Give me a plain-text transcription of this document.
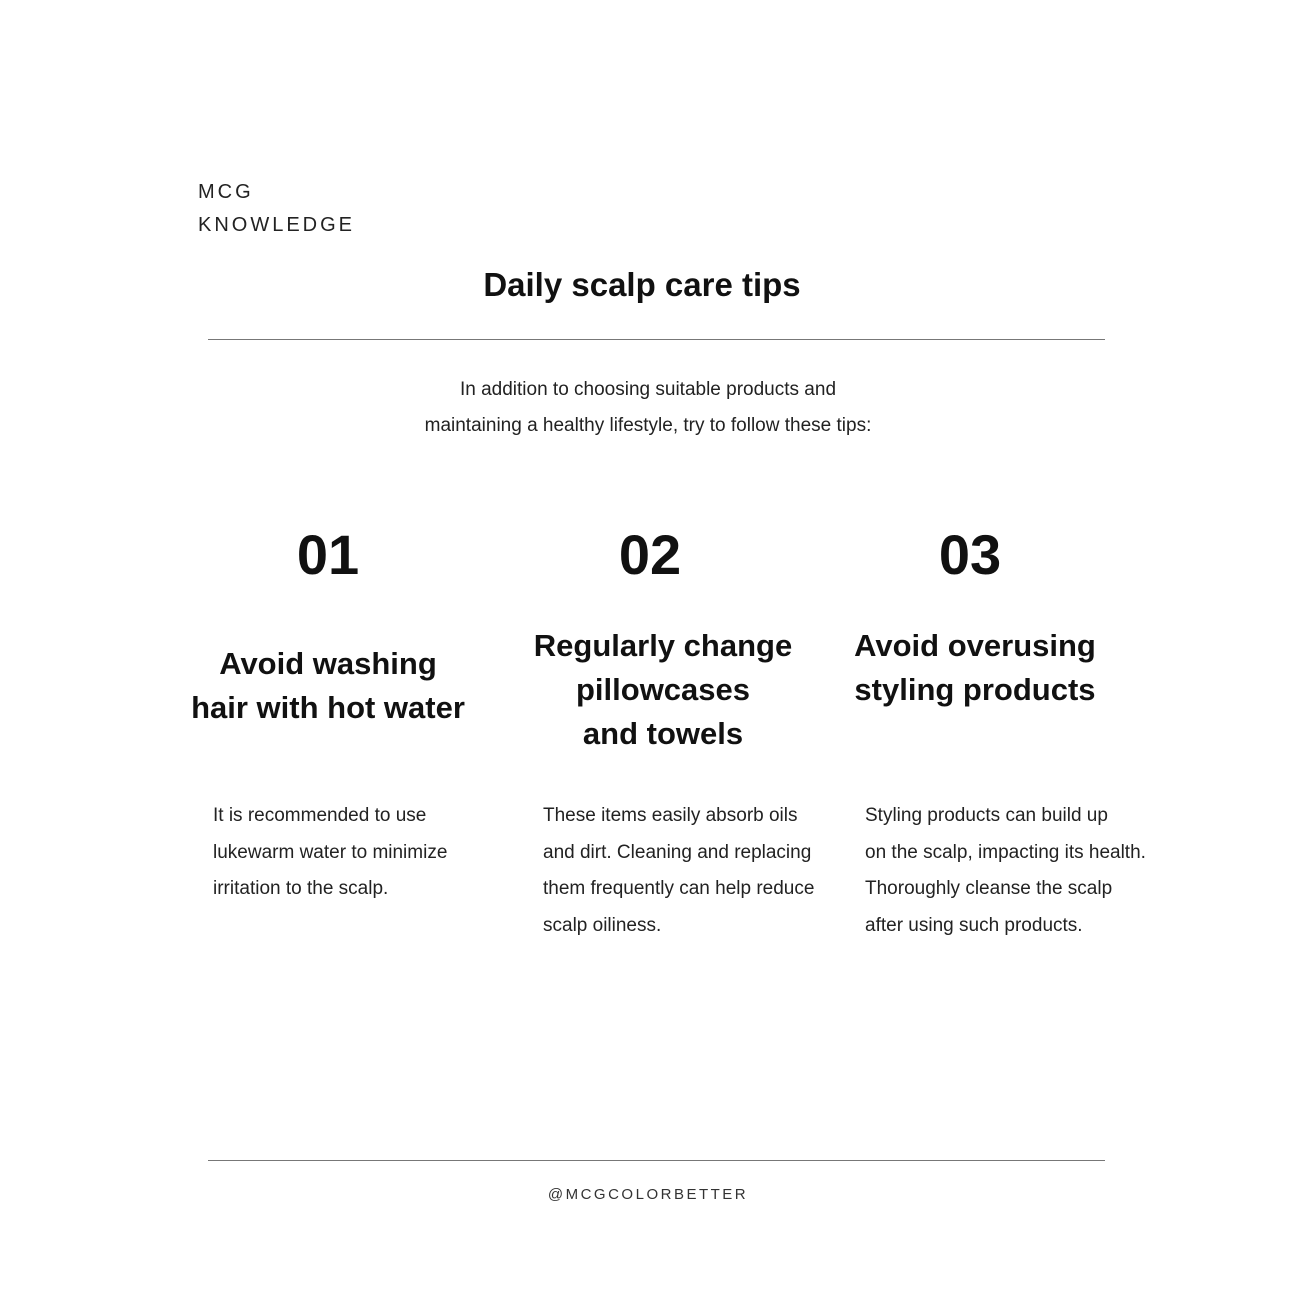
MCG
KNOWLEDGE
Daily scalp care tips
In addition to choosing suitable products and
maintaining a healthy lifestyle, try to follow these tips:
01	02	03
Avoid washing
hair with hot water
Regularly change
pillowcases
and towels
Avoid overusing
styling products
It is recommended to use
lukewarm water to minimize
irritation to the scalp.
These items easily absorb oils
and dirt. Cleaning and replacing
them frequently can help reduce
scalp oiliness.
Styling products can build up
on the scalp, impacting its health.
Thoroughly cleanse the scalp
after using such products.
@MCGCOLORBETTER
